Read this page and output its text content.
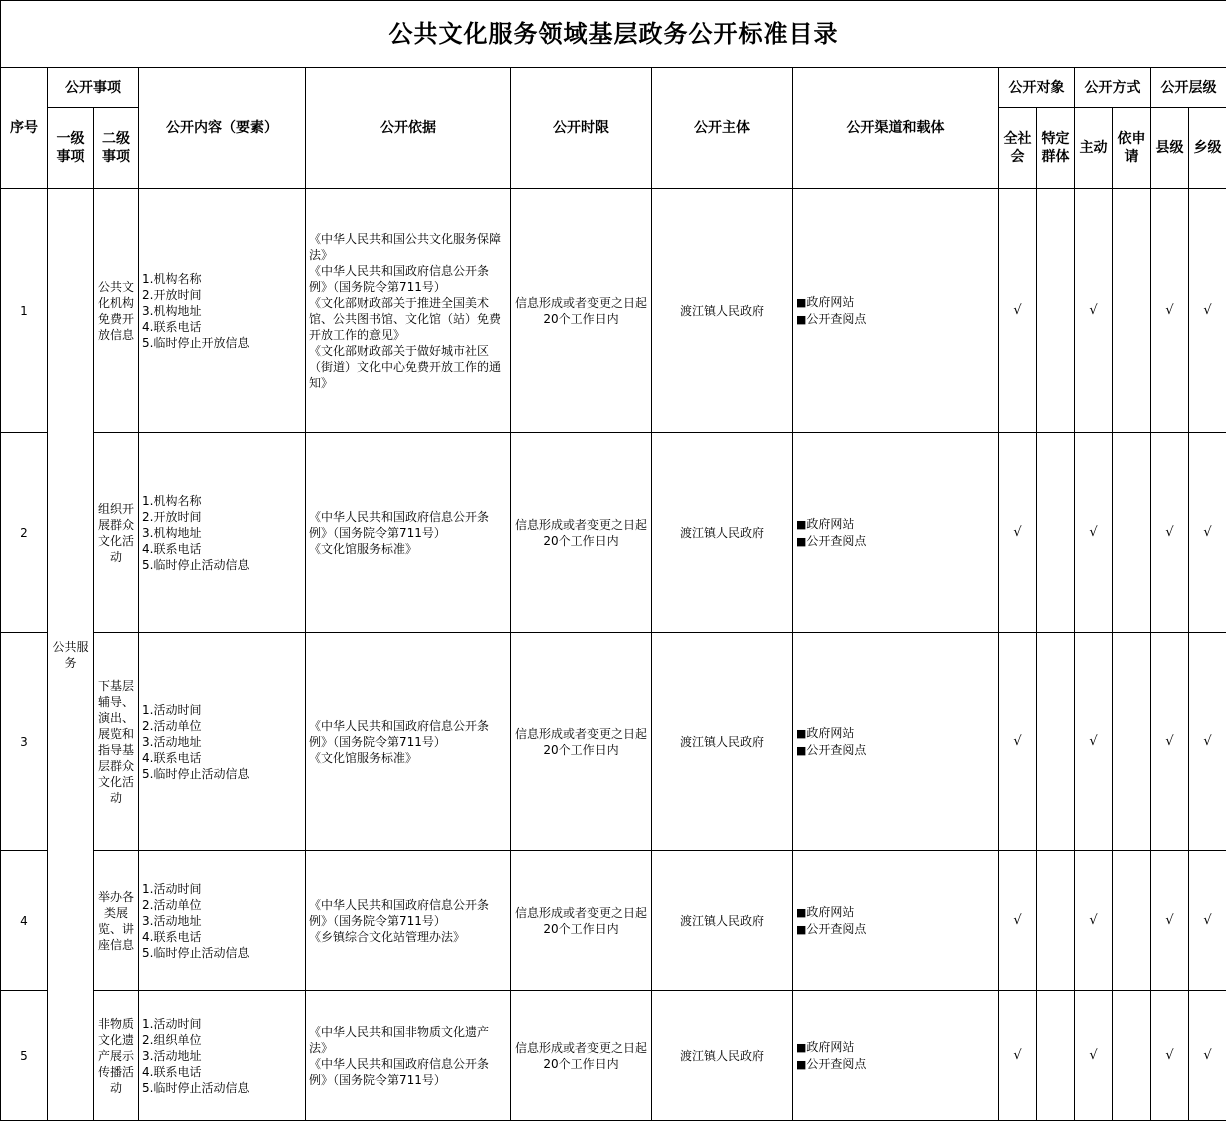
公共文化服务领域基层政务公开标准目录													
序号	公开事项		公开内容（要素）	公开依据	公开时限	公开主体	公开渠道和载体	公开对象		公开方式		公开层级	
	一级事项	二级事项						全社会	特定群体	主动	依申请	县级	乡级
1	公共服务	公共文化机构免费开放信息	1.机构名称
2.开放时间
3.机构地址
4.联系电话
5.临时停止开放信息	《中华人民共和国公共文化服务保障法》
《中华人民共和国政府信息公开条例》（国务院令第711号）
《文化部财政部关于推进全国美术馆、公共图书馆、文化馆（站）免费开放工作的意见》
《文化部财政部关于做好城市社区（街道）文化中心免费开放工作的通知》	信息形成或者变更之日起20个工作日内	渡江镇人民政府	■ 政府网站
■ 公开查阅点	√		√		√	√
2		组织开展群众文化活动	1.机构名称
2.开放时间
3.机构地址
4.联系电话
5.临时停止活动信息	《中华人民共和国政府信息公开条例》（国务院令第711号）
《文化馆服务标准》	信息形成或者变更之日起20个工作日内	渡江镇人民政府	■ 政府网站
■ 公开查阅点	√		√		√	√
3		下基层辅导、演出、展览和指导基层群众文化活动	1.活动时间
2.活动单位
3.活动地址
4.联系电话
5.临时停止活动信息	《中华人民共和国政府信息公开条例》（国务院令第711号）
《文化馆服务标准》	信息形成或者变更之日起20个工作日内	渡江镇人民政府	■ 政府网站
■ 公开查阅点	√		√		√	√
4		举办各类展览、讲座信息	1.活动时间
2.活动单位
3.活动地址
4.联系电话
5.临时停止活动信息	《中华人民共和国政府信息公开条例》（国务院令第711号）
《乡镇综合文化站管理办法》	信息形成或者变更之日起20个工作日内	渡江镇人民政府	■ 政府网站
■ 公开查阅点	√		√		√	√
5		非物质文化遗产展示传播活动	1.活动时间
2.组织单位
3.活动地址
4.联系电话
5.临时停止活动信息	《中华人民共和国非物质文化遗产法》
《中华人民共和国政府信息公开条例》（国务院令第711号）	信息形成或者变更之日起20个工作日内	渡江镇人民政府	■ 政府网站
■ 公开查阅点	√		√		√	√
